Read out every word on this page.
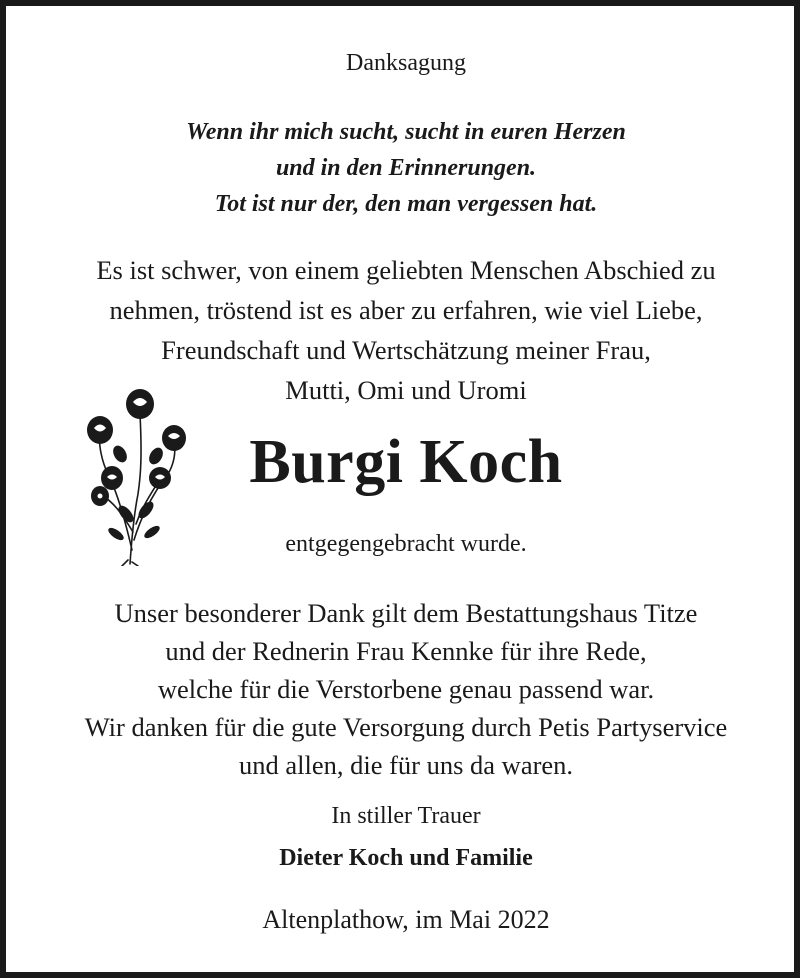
Danksagung
Wenn ihr mich sucht, sucht in euren Herzen
und in den Erinnerungen.
Tot ist nur der, den man vergessen hat.
Es ist schwer, von einem geliebten Menschen Abschied zu
nehmen, tröstend ist es aber zu erfahren, wie viel Liebe,
Freundschaft und Wertschätzung meiner Frau,
Mutti, Omi und Uromi
Burgi Koch
entgegengebracht wurde.
Unser besonderer Dank gilt dem Bestattungshaus Titze
und der Rednerin Frau Kennke für ihre Rede,
welche für die Verstorbene genau passend war.
Wir danken für die gute Versorgung durch Petis Partyservice
und allen, die für uns da waren.
In stiller Trauer
Dieter Koch und Familie
Altenplathow, im Mai 2022
